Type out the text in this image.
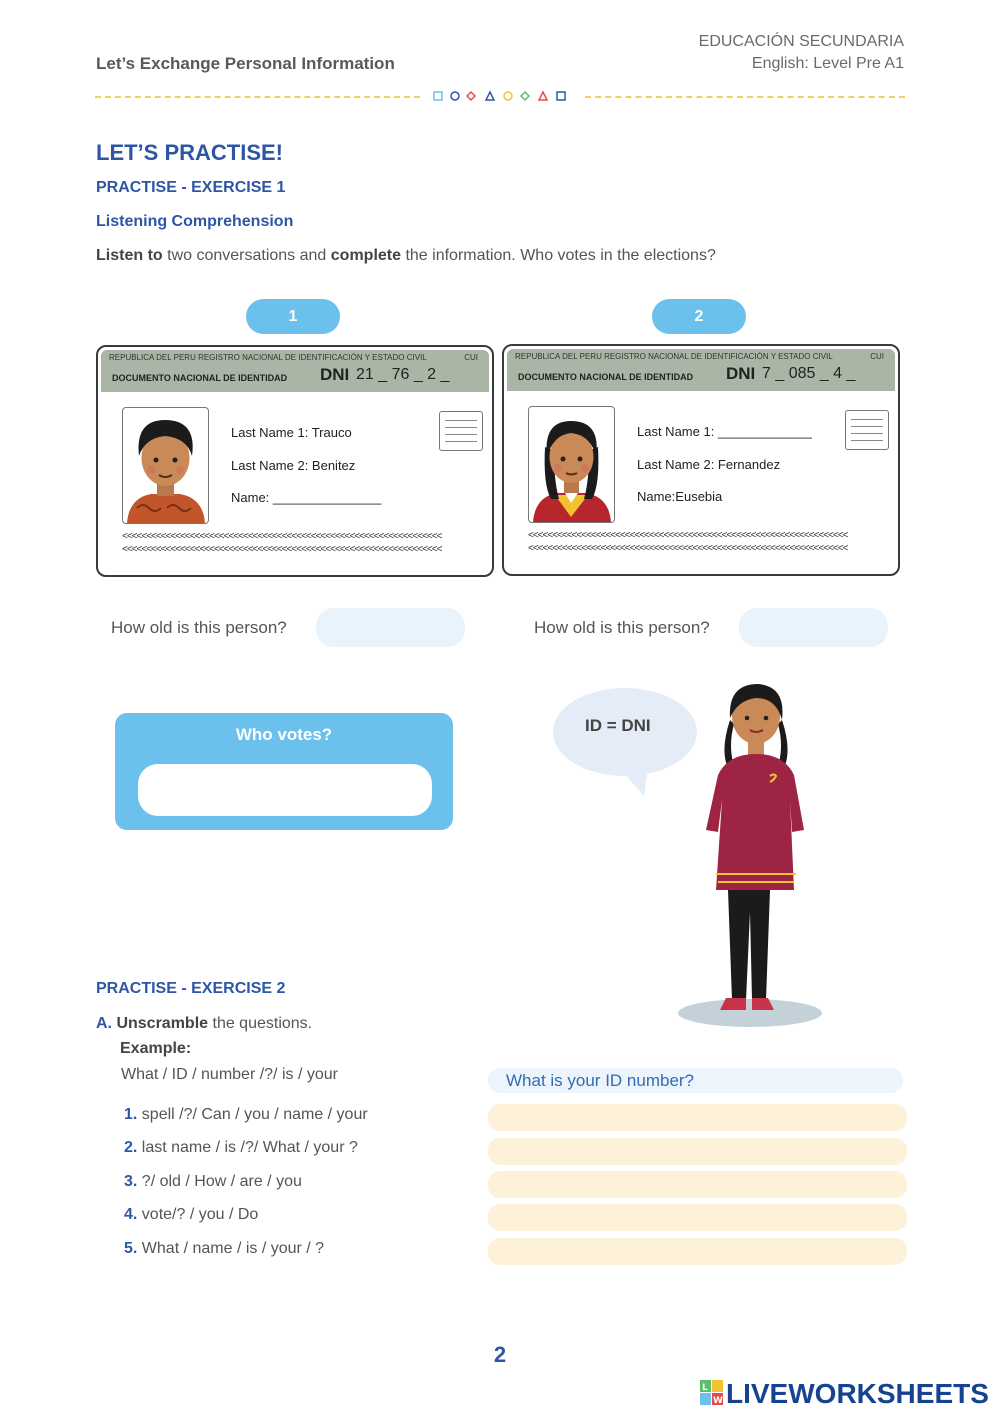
Let’s Exchange Personal Information
EDUCACIÓN SECUNDARIA
English: Level Pre A1
LET’S PRACTISE!
PRACTISE - EXERCISE 1
Listening Comprehension
Listen to two conversations and complete the information. Who votes in the elections?
1	2
REPUBLICA DEL PERU REGISTRO NACIONAL DE IDENTIFICACIÓN Y ESTADO CIVIL	CUI
DOCUMENTO NACIONAL DE IDENTIDAD DNI 21 _ 76 _ 2 _
Last Name 1: Trauco
Last Name 2: Benitez
Name: _______________
<<<<<<<<<<<<<<<<<<<<<<<<<<<<<<<<<<<<<<<<<<<<<<<<<<<<<<<<<<<<<<<<<<
<<<<<<<<<<<<<<<<<<<<<<<<<<<<<<<<<<<<<<<<<<<<<<<<<<<<<<<<<<<<<<<<<<
REPUBLICA DEL PERU REGISTRO NACIONAL DE IDENTIFICACIÓN Y ESTADO CIVIL	CUI
DOCUMENTO NACIONAL DE IDENTIDAD DNI 7 _ 085 _ 4 _
Last Name 1: _____________
Last Name 2: Fernandez
Name:Eusebia
<<<<<<<<<<<<<<<<<<<<<<<<<<<<<<<<<<<<<<<<<<<<<<<<<<<<<<<<<<<<<<<<<<
<<<<<<<<<<<<<<<<<<<<<<<<<<<<<<<<<<<<<<<<<<<<<<<<<<<<<<<<<<<<<<<<<<
How old is this person?	How old is this person?
Who votes?	ID = DNI
PRACTISE - EXERCISE 2
A. Unscramble the questions.
Example:
What / ID / number /?/ is / your	What is your ID number?
1. spell /?/ Can / you / name / your
2. last name / is /?/ What / your ?
3. ?/ old / How / are / you
4. vote/? / you / Do
5. What / name / is / your / ?
2
L
W LIVEWORKSHEETS
